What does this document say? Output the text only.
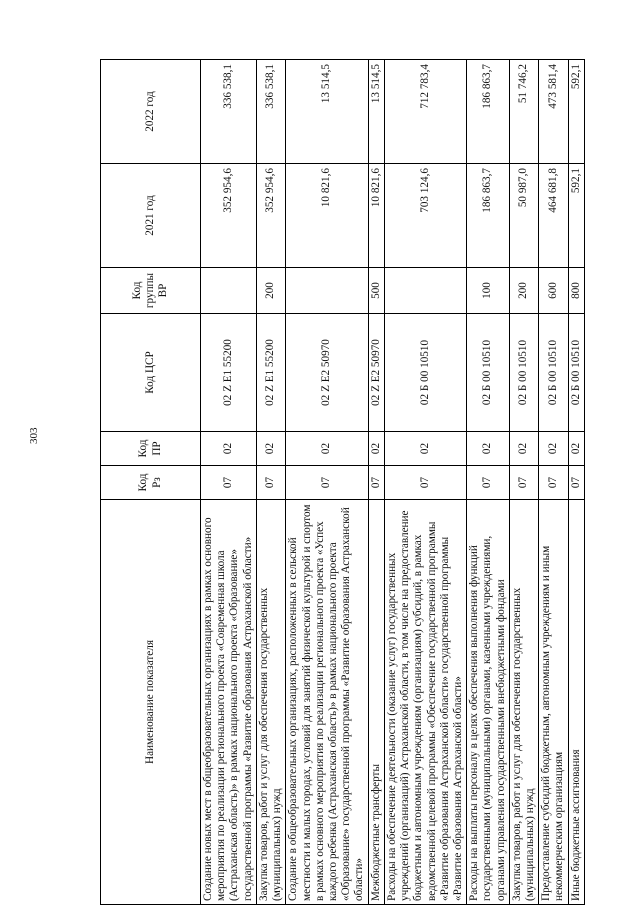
303
Наименование показателя	Код Рз	Код ПР	Код ЦСР	Код группы ВР	2021 год	2022 год
Создание новых мест в общеобразовательных организациях в рамках основного мероприятия по реализации регионального проекта «Современная школа (Астраханская область)» в рамках национального проекта «Образование» государственной программы «Развитие образования Астраханской области»	07	02	02 Z E1 55200		352 954,6	336 538,1
Закупка товаров, работ и услуг для обеспечения государственных (муниципальных) нужд	07	02	02 Z E1 55200	200	352 954,6	336 538,1
Создание в общеобразовательных организациях, расположенных в сельской местности и малых городах, условий для занятий физической культурой и спортом в рамках основного мероприятия по реализации регионального проекта «Успех каждого ребенка (Астраханская область)» в рамках национального проекта «Образование» государственной программы «Развитие образования Астраханской области»	07	02	02 Z E2 50970		10 821,6	13 514,5
Межбюджетные трансферты	07	02	02 Z E2 50970	500	10 821,6	13 514,5
Расходы на обеспечение деятельности (оказание услуг) государственных учреждений (организаций) Астраханской области, в том числе на предоставление бюджетным и автономным учреждениям (организациям) субсидий, в рамках ведомственной целевой программы «Обеспечение государственной программы «Развитие образования Астраханской области» государственной программы «Развитие образования Астраханской области»	07	02	02 Б 00 10510		703 124,6	712 783,4
Расходы на выплаты персоналу в целях обеспечения выполнения функций государственными (муниципальными) органами, казенными учреждениями, органами управления государственными внебюджетными фондами	07	02	02 Б 00 10510	100	186 863,7	186 863,7
Закупка товаров, работ и услуг для обеспечения государственных (муниципальных) нужд	07	02	02 Б 00 10510	200	50 987,0	51 746,2
Предоставление субсидий бюджетным, автономным учреждениям и иным некоммерческим организациям	07	02	02 Б 00 10510	600	464 681,8	473 581,4
Иные бюджетные ассигнования	07	02	02 Б 00 10510	800	592,1	592,1
